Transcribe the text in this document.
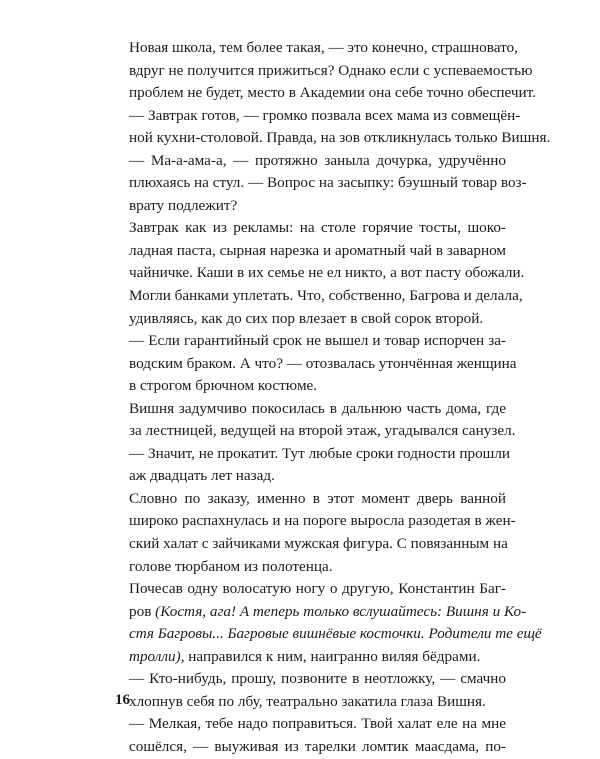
Новая школа, тем более такая, — это конечно, страшновато,
вдруг не получится прижиться? Однако если с успеваемостью
проблем не будет, место в Академии она себе точно обеспечит.

— Завтрак готов, — громко позвала всех мама из совмещён-
ной кухни-столовой. Правда, на зов откликнулась только Вишня.

— Ма-а-ама-а, — протяжно заныла дочурка, удручённо
плюхаясь на стул. — Вопрос на засыпку: бэушный товар воз-
врату подлежит?

Завтрак как из рекламы: на столе горячие тосты, шоко-
ладная паста, сырная нарезка и ароматный чай в заварном
чайничке. Каши в их семье не ел никто, а вот пасту обожали.
Могли банками уплетать. Что, собственно, Багрова и делала,
удивляясь, как до сих пор влезает в свой сорок второй.

— Если гарантийный срок не вышел и товар испорчен за-
водским браком. А что? — отозвалась утончённая женщина
в строгом брючном костюме.

Вишня задумчиво покосилась в дальнюю часть дома, где
за лестницей, ведущей на второй этаж, угадывался санузел.

— Значит, не прокатит. Тут любые сроки годности прошли
аж двадцать лет назад.

Словно по заказу, именно в этот момент дверь ванной
широко распахнулась и на пороге выросла разодетая в жен-
ский халат с зайчиками мужская фигура. С повязанным на
голове тюрбаном из полотенца.

Почесав одну волосатую ногу о другую, Константин Баг-
ров (Костя, ага! А теперь только вслушайтесь: Вишня и Ко-
стя Багровы... Багровые вишнёвые косточки. Родители те ещё
тролли), направился к ним, наигранно виляя бёдрами.

— Кто-нибудь, прошу, позвоните в неотложку, — смачно
хлопнув себя по лбу, театрально закатила глаза Вишня.

— Мелкая, тебе надо поправиться. Твой халат еле на мне
сошёлся, — выуживая из тарелки ломтик маасдама, по-

16
